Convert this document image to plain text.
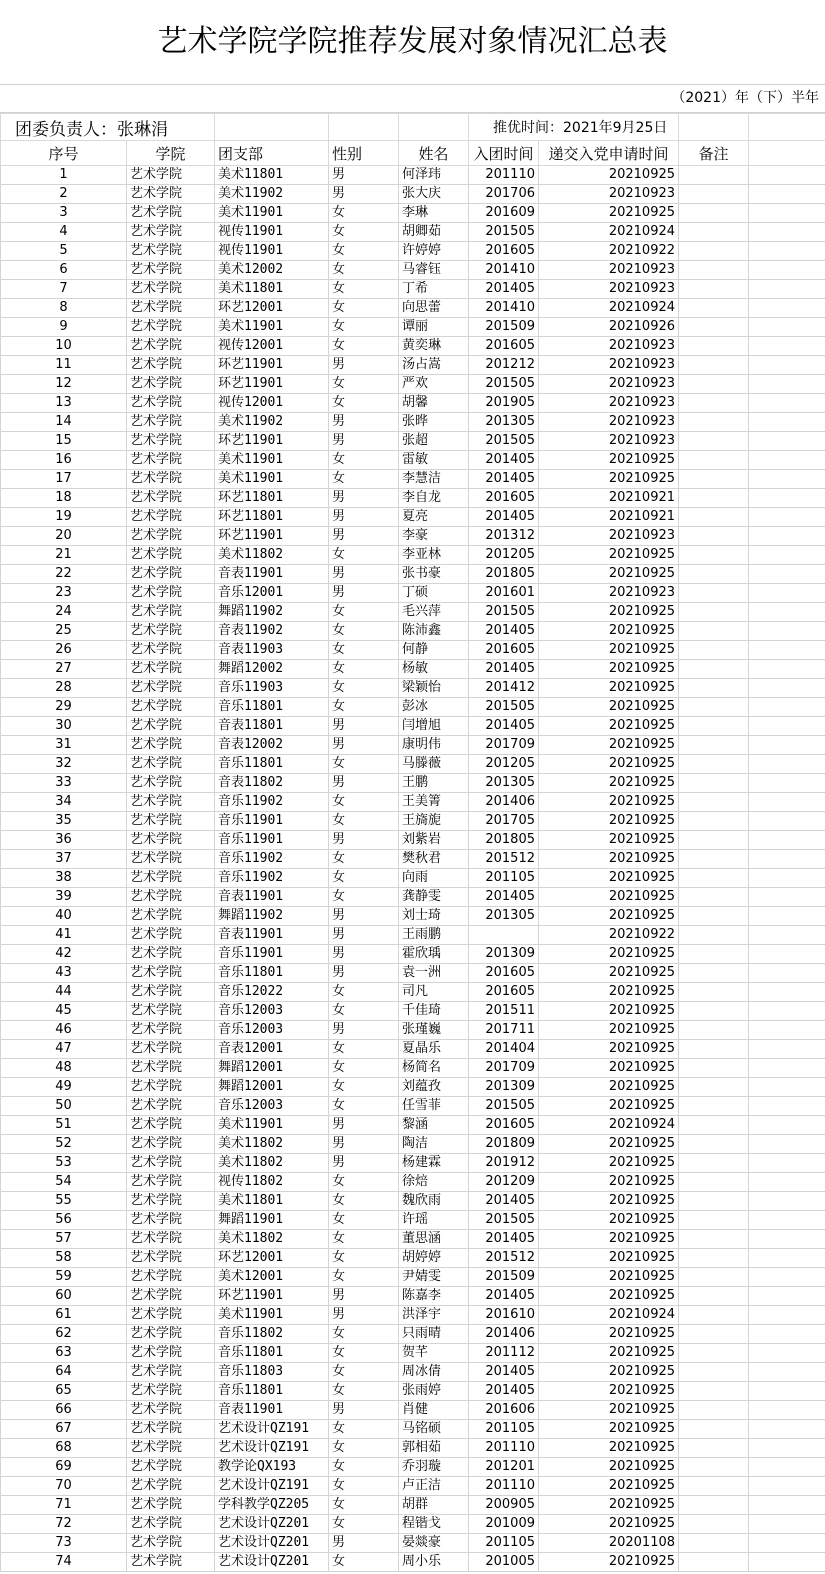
艺术学院学院推荐发展对象情况汇总表
（2021）年（下）半年
团委负责人：张琳涓					推优时间：2021年9月25日			
序号	学院	团支部	性别	姓名	入团时间	递交入党申请时间	备注	
1	艺术学院	美术11801	男	何泽玮	201110	20210925		
2	艺术学院	美术11902	男	张大庆	201706	20210923		
3	艺术学院	美术11901	女	李琳	201609	20210925		
4	艺术学院	视传11901	女	胡卿茹	201505	20210924		
5	艺术学院	视传11901	女	许婷婷	201605	20210922		
6	艺术学院	美术12002	女	马睿钰	201410	20210923		
7	艺术学院	美术11801	女	丁希	201405	20210923		
8	艺术学院	环艺12001	女	向思蕾	201410	20210924		
9	艺术学院	美术11901	女	谭丽	201509	20210926		
10	艺术学院	视传12001	女	黄奕琳	201605	20210923		
11	艺术学院	环艺11901	男	汤占嵩	201212	20210923		
12	艺术学院	环艺11901	女	严欢	201505	20210923		
13	艺术学院	视传12001	女	胡馨	201905	20210923		
14	艺术学院	美术11902	男	张晔	201305	20210923		
15	艺术学院	环艺11901	男	张超	201505	20210923		
16	艺术学院	美术11901	女	雷敏	201405	20210925		
17	艺术学院	美术11901	女	李慧洁	201405	20210925		
18	艺术学院	环艺11801	男	李自龙	201605	20210921		
19	艺术学院	环艺11801	男	夏亮	201405	20210921		
20	艺术学院	环艺11901	男	李豪	201312	20210923		
21	艺术学院	美术11802	女	李亚林	201205	20210925		
22	艺术学院	音表11901	男	张书豪	201805	20210925		
23	艺术学院	音乐12001	男	丁硕	201601	20210923		
24	艺术学院	舞蹈11902	女	毛兴萍	201505	20210925		
25	艺术学院	音表11902	女	陈沛鑫	201405	20210925		
26	艺术学院	音表11903	女	何静	201605	20210925		
27	艺术学院	舞蹈12002	女	杨敏	201405	20210925		
28	艺术学院	音乐11903	女	梁颖怡	201412	20210925		
29	艺术学院	音乐11801	女	彭冰	201505	20210925		
30	艺术学院	音表11801	男	闫增旭	201405	20210925		
31	艺术学院	音表12002	男	康明伟	201709	20210925		
32	艺术学院	音乐11801	女	马滕薇	201205	20210925		
33	艺术学院	音表11802	男	王鹏	201305	20210925		
34	艺术学院	音乐11902	女	王美箐	201406	20210925		
35	艺术学院	音乐11901	女	王旖旎	201705	20210925		
36	艺术学院	音乐11901	男	刘紫岩	201805	20210925		
37	艺术学院	音乐11902	女	樊秋君	201512	20210925		
38	艺术学院	音乐11902	女	向雨	201105	20210925		
39	艺术学院	音表11901	女	龚静雯	201405	20210925		
40	艺术学院	舞蹈11902	男	刘士琦	201305	20210925		
41	艺术学院	音表11901	男	王雨鹏		20210922		
42	艺术学院	音乐11901	男	霍欣瑀	201309	20210925		
43	艺术学院	音乐11801	男	袁一洲	201605	20210925		
44	艺术学院	音乐12022	女	司凡	201605	20210925		
45	艺术学院	音乐12003	女	千佳琦	201511	20210925		
46	艺术学院	音乐12003	男	张瑾巍	201711	20210925		
47	艺术学院	音表12001	女	夏晶乐	201404	20210925		
48	艺术学院	舞蹈12001	女	杨简名	201709	20210925		
49	艺术学院	舞蹈12001	女	刘蕴孜	201309	20210925		
50	艺术学院	音乐12003	女	任雪菲	201505	20210925		
51	艺术学院	美术11901	男	黎涵	201605	20210924		
52	艺术学院	美术11802	男	陶洁	201809	20210925		
53	艺术学院	美术11802	男	杨建霖	201912	20210925		
54	艺术学院	视传11802	女	徐焙	201209	20210925		
55	艺术学院	美术11801	女	魏欣雨	201405	20210925		
56	艺术学院	舞蹈11901	女	许瑶	201505	20210925		
57	艺术学院	美术11802	女	董思涵	201405	20210925		
58	艺术学院	环艺12001	女	胡婷婷	201512	20210925		
59	艺术学院	美术12001	女	尹婧雯	201509	20210925		
60	艺术学院	环艺11901	男	陈嘉李	201405	20210925		
61	艺术学院	美术11901	男	洪泽宇	201610	20210924		
62	艺术学院	音乐11802	女	只雨晴	201406	20210925		
63	艺术学院	音乐11801	女	贺芊	201112	20210925		
64	艺术学院	音乐11803	女	周冰倩	201405	20210925		
65	艺术学院	音乐11801	女	张雨婷	201405	20210925		
66	艺术学院	音表11901	男	肖健	201606	20210925		
67	艺术学院	艺术设计QZ191	女	马铭硕	201105	20210925		
68	艺术学院	艺术设计QZ191	女	郭相茹	201110	20210925		
69	艺术学院	教学论QX193	女	乔羽璇	201201	20210925		
70	艺术学院	艺术设计QZ191	女	卢正洁	201110	20210925		
71	艺术学院	学科教学QZ205	女	胡群	200905	20210925		
72	艺术学院	艺术设计QZ201	女	程锴戈	201009	20210925		
73	艺术学院	艺术设计QZ201	男	晏燚豪	201105	20201108		
74	艺术学院	艺术设计QZ201	女	周小乐	201005	20210925		
